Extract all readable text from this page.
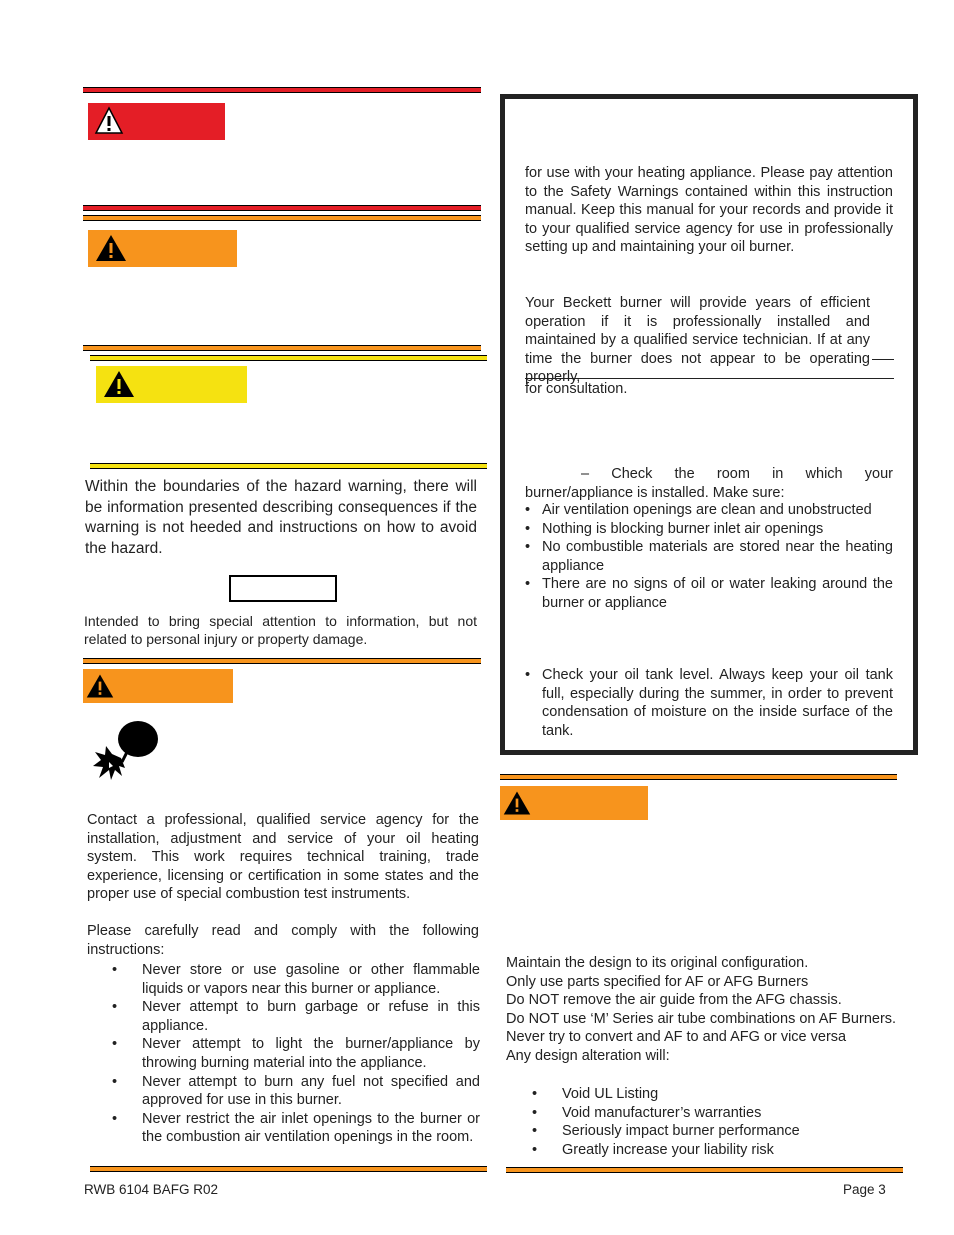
Within the boundaries of the hazard warning, there will be information presented describing consequences if the warning is not heeded and instructions on how to avoid the hazard.
Intended to bring special attention to information, but not related to personal injury or property damage.
Contact a professional, qualified service agency for the installation, adjustment and service of your oil heating system. This work requires technical training, trade experience, licensing or certification in some states and the proper use of special combustion test instruments.
Please carefully read and comply with the following instructions:
• Never store or use gasoline or other flammable liquids or vapors near this burner or appliance.
• Never attempt to burn garbage or refuse in this appliance.
• Never attempt to light the burner/appliance by throwing burning material into the appliance.
• Never attempt to burn any fuel not specified and approved for use in this burner.
• Never restrict the air inlet openings to the burner or the combustion air ventilation openings in the room.
for use with your heating appliance. Please pay attention to the Safety Warnings contained within this instruction manual. Keep this manual for your records and provide it to your qualified service agency for use in professionally setting up and maintaining your oil burner.
Your Beckett burner will provide years of efficient operation if it is professionally installed and maintained by a qualified service technician. If at any time the burner does not appear to be operating properly,
for consultation.
– Check the room in which your burner/appliance is installed. Make sure:
• Air ventilation openings are clean and unobstructed
• Nothing is blocking burner inlet air openings
• No combustible materials are stored near the heating appliance
• There are no signs of oil or water leaking around the burner or appliance
• Check your oil tank level. Always keep your oil tank full, especially during the summer, in order to prevent condensation of moisture on the inside surface of the tank.
Maintain the design to its original configuration.
Only use parts specified for AF or AFG Burners
Do NOT remove the air guide from the AFG chassis.
Do NOT use ‘M’ Series air tube combinations on AF Burners.
Never try to convert and AF to and AFG or vice versa
Any design alteration will:
• Void UL Listing
• Void manufacturer’s warranties
• Seriously impact burner performance
• Greatly increase your liability risk
RWB 6104 BAFG R02	Page 3
